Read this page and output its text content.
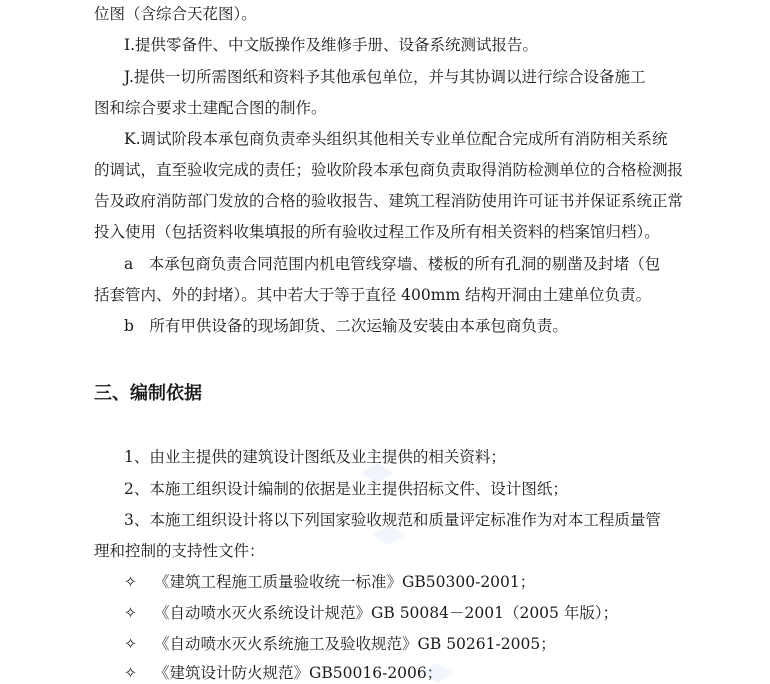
位图（含综合天花图）。
I.提供零备件、中文版操作及维修手册、设备系统测试报告。
J.提供一切所需图纸和资料予其他承包单位，并与其协调以进行综合设备施工
图和综合要求土建配合图的制作。
K.调试阶段本承包商负责牵头组织其他相关专业单位配合完成所有消防相关系统
的调试，直至验收完成的责任；验收阶段本承包商负责取得消防检测单位的合格检测报
告及政府消防部门发放的合格的验收报告、建筑工程消防使用许可证书并保证系统正常
投入使用（包括资料收集填报的所有验收过程工作及所有相关资料的档案馆归档）。
a　本承包商负责合同范围内机电管线穿墙、楼板的所有孔洞的剔凿及封堵（包
括套管内、外的封堵）。其中若大于等于直径 400mm 结构开洞由土建单位负责。
b　所有甲供设备的现场卸货、二次运输及安装由本承包商负责。
三、编制依据
1、由业主提供的建筑设计图纸及业主提供的相关资料；
2、本施工组织设计编制的依据是业主提供招标文件、设计图纸；
3、本施工组织设计将以下列国家验收规范和质量评定标准作为对本工程质量管
理和控制的支持性文件：
✧ 《建筑工程施工质量验收统一标准》GB50300-2001；
✧ 《自动喷水灭火系统设计规范》GB 50084－2001（2005 年版）；
✧ 《自动喷水灭火系统施工及验收规范》GB 50261-2005；
✧ 《建筑设计防火规范》GB50016-2006；
